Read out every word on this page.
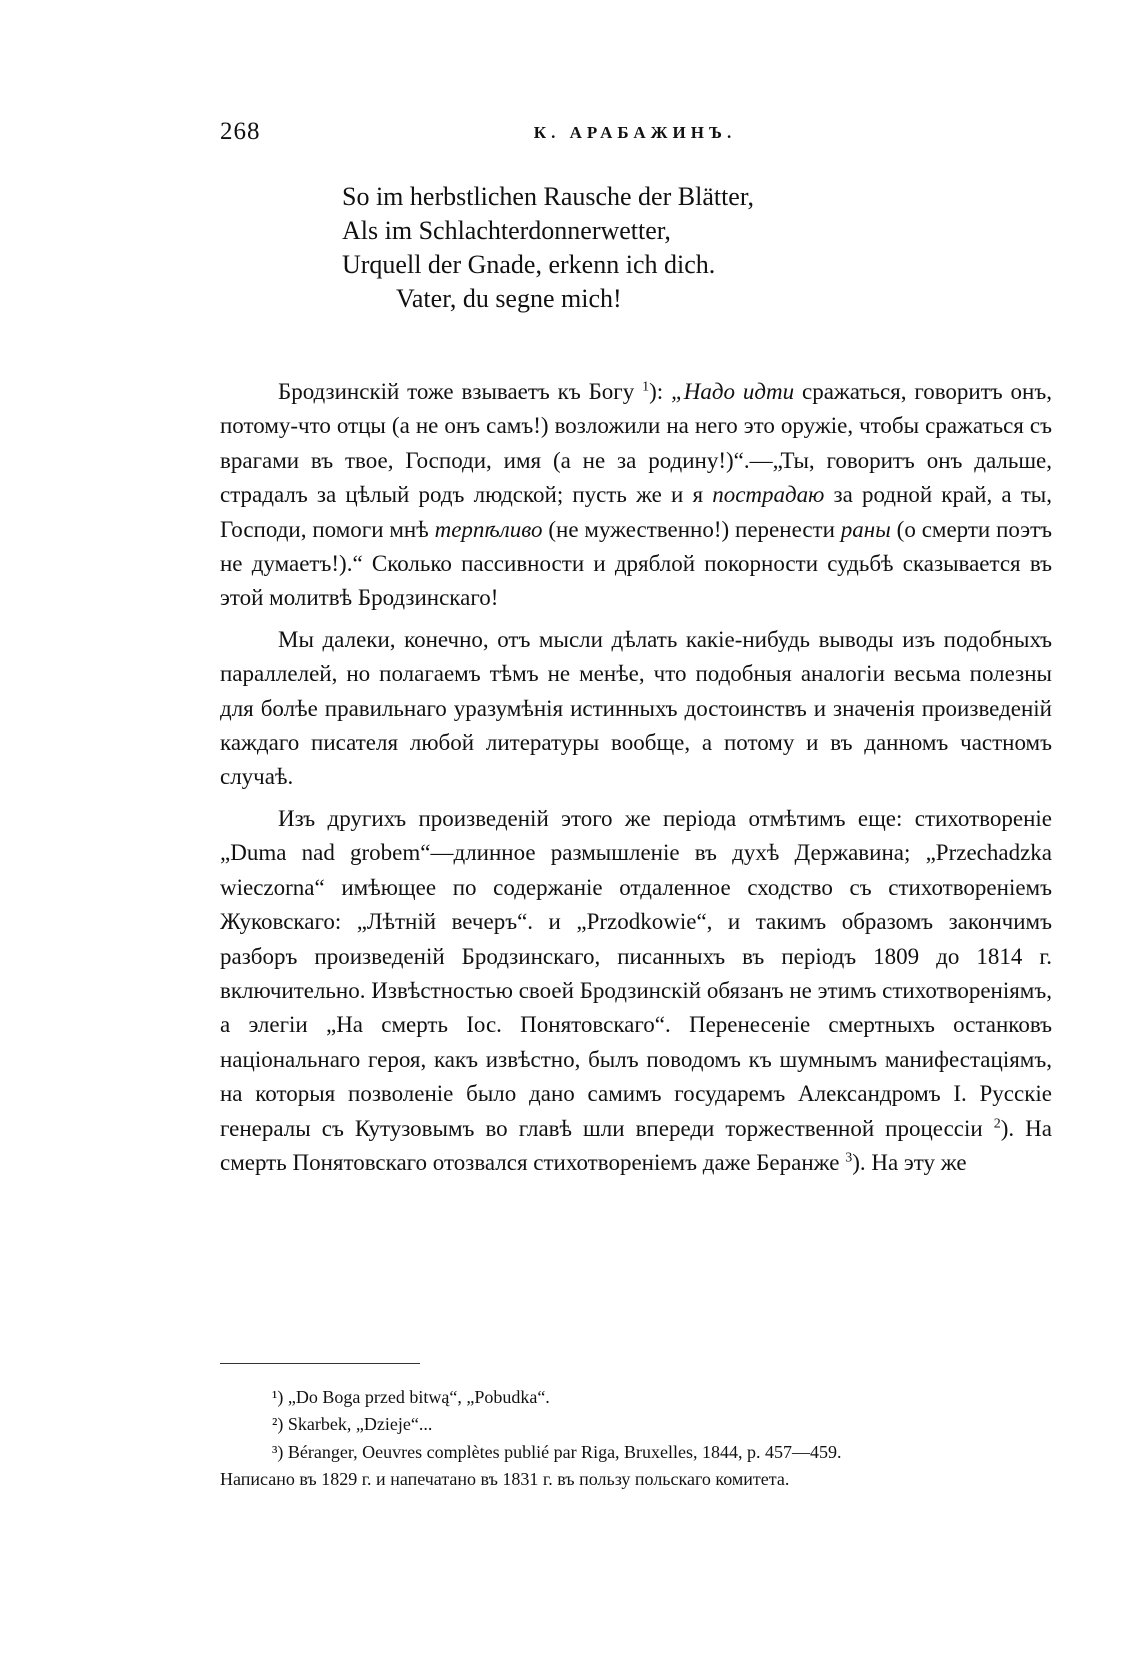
268	К. АРАБАЖИНЪ.
So im herbstlichen Rausche der Blätter,
Als im Schlachterdonnerwetter,
Urquell der Gnade, erkenn ich dich.
Vater, du segne mich!

Бродзинскій тоже взываетъ къ Богу $^1$): „Надо идти сражаться, говоритъ онъ, потому-что отцы (а не онъ самъ!) возложили на него это оружіе, чтобы сражаться съ врагами въ твое, Господи, имя (а не за родину!)“.—„Ты, говоритъ онъ дальше, страдалъ за цѣлый родъ людской; пусть же и я пострадаю за родной край, а ты, Господи, помоги мнѣ терпѣливо (не мужественно!) перенести раны (о смерти поэтъ не думаетъ!).“ Сколько пассивности и дряблой покорности судьбѣ сказывается въ этой молитвѣ Бродзинскаго!

Мы далеки, конечно, отъ мысли дѣлать какіе-нибудь выводы изъ подобныхъ параллелей, но полагаемъ тѣмъ не менѣе, что подобныя аналогіи весьма полезны для болѣе правильнаго уразумѣнія истинныхъ достоинствъ и значенія произведеній каждаго писателя любой литературы вообще, а потому и въ данномъ частномъ случаѣ.

Изъ другихъ произведеній этого же періода отмѣтимъ еще: стихотвореніе „Duma nad grobem“—длинное размышленіе въ духѣ Державина; „Przechadzka wieczorna“ имѣющее по содержаніе отдаленное сходство съ стихотвореніемъ Жуковскаго: „Лѣтній вечеръ“. и „Przodkowie“, и такимъ образомъ закончимъ разборъ произведеній Бродзинскаго, писанныхъ въ періодъ 1809 до 1814 г. включительно. Извѣстностью своей Бродзинскій обязанъ не этимъ стихотвореніямъ, а элегіи „На смерть Іос. Понятовскаго“. Перенесеніе смертныхъ останковъ національнаго героя, какъ извѣстно, былъ поводомъ къ шумнымъ манифестаціямъ, на которыя позволеніе было дано самимъ государемъ Александромъ I. Русскіе генералы съ Кутузовымъ во главѣ шли впереди торжественной процессіи $^2$). На смерть Понятовскаго отозвался стихотвореніемъ даже Беранже $^3$). На эту же

¹) „Do Boga przed bitwą“, „Pobudka“.

²) Skarbek, „Dzieje“...

³) Béranger, Oeuvres complètes publié par Riga, Bruxelles, 1844, p. 457—459.

Написано въ 1829 г. и напечатано въ 1831 г. въ пользу польскаго комитета.
